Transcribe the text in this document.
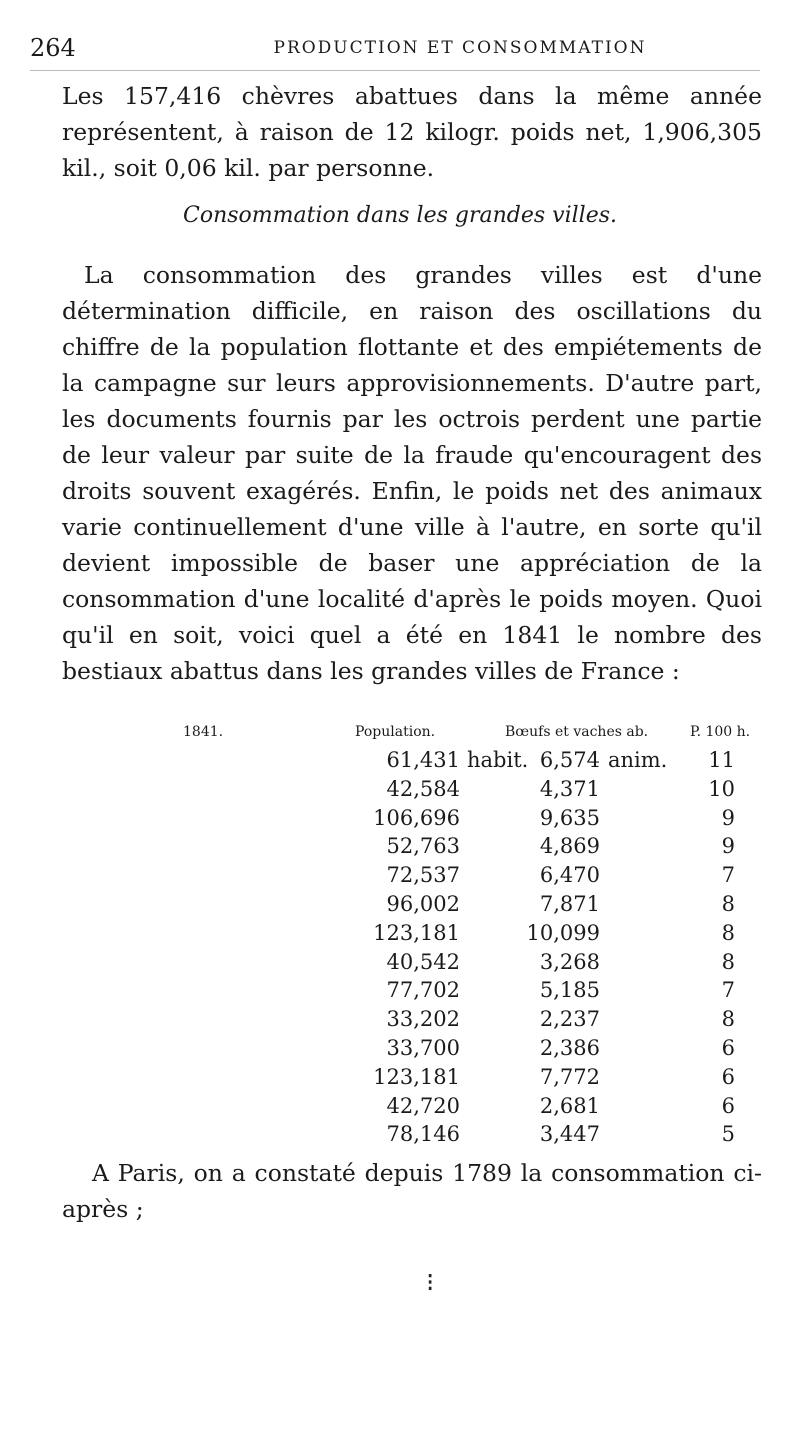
264	PRODUCTION ET CONSOMMATION

Les 157,416 chèvres abattues dans la même année représentent, à raison de 12 kilogr. poids net, 1,906,305 kil., soit 0,06 kil. par personne.

Consommation dans les grandes villes.

La consommation des grandes villes est d'une détermination difficile, en raison des oscillations du chiffre de la population flottante et des empiétements de la campagne sur leurs approvisionnements. D'autre part, les documents fournis par les octrois perdent une partie de leur valeur par suite de la fraude qu'encouragent des droits souvent exagérés. Enfin, le poids net des animaux varie continuellement d'une ville à l'autre, en sorte qu'il devient impossible de baser une appréciation de la consommation d'une localité d'après le poids moyen. Quoi qu'il en soit, voici quel a été en 1841 le nombre des bestiaux abattus dans les grandes villes de France :

1841.	Population.	Bœufs et vaches ab.	P. 100 h.
61,431 habit. 6,574 anim.	11
42,584	4,371	10
106,696	9,635	9
52,763	4,869	9
72,537	6,470	7
96,002	7,871	8
123,181	10,099	8
40,542	3,268	8
77,702	5,185	7
33,202	2,237	8
33,700	2,386	6
123,181	7,772	6
42,720	2,681	6
78,146	3,447	5

A Paris, on a constaté depuis 1789 la consommation ci-après ;

⁝
